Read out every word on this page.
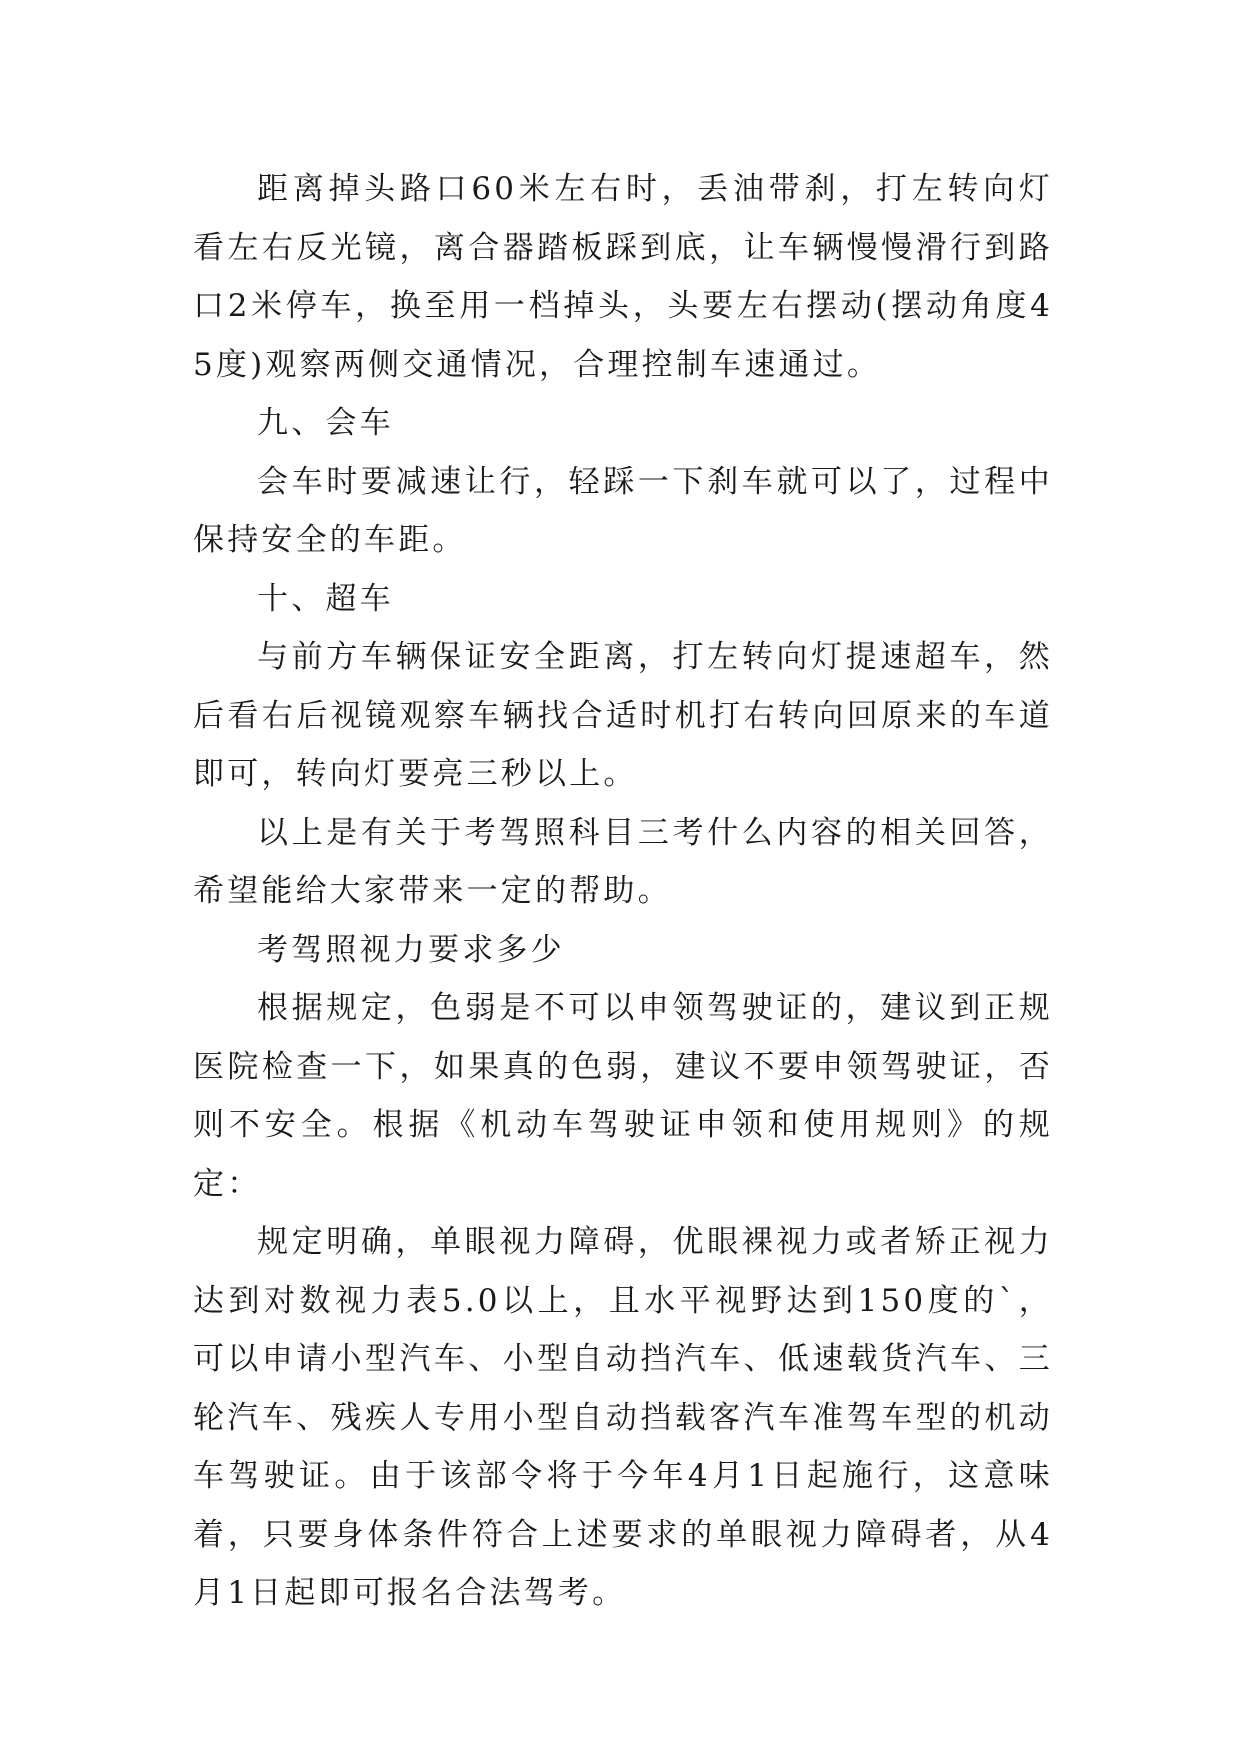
距离掉头路口60米左右时，丢油带刹，打左转向灯看左右反光镜，离合器踏板踩到底，让车辆慢慢滑行到路口2米停车，换至用一档掉头，头要左右摆动(摆动角度45度)观察两侧交通情况，合理控制车速通过。

九、会车

会车时要减速让行，轻踩一下刹车就可以了，过程中保持安全的车距。

十、超车

与前方车辆保证安全距离，打左转向灯提速超车，然后看右后视镜观察车辆找合适时机打右转向回原来的车道即可，转向灯要亮三秒以上。

以上是有关于考驾照科目三考什么内容的相关回答，希望能给大家带来一定的帮助。

考驾照视力要求多少

根据规定，色弱是不可以申领驾驶证的，建议到正规医院检查一下，如果真的色弱，建议不要申领驾驶证，否则不安全。根据《机动车驾驶证申领和使用规则》的规定：

规定明确，单眼视力障碍，优眼裸视力或者矫正视力达到对数视力表5.0以上，且水平视野达到150度的`，可以申请小型汽车、小型自动挡汽车、低速载货汽车、三轮汽车、残疾人专用小型自动挡载客汽车准驾车型的机动车驾驶证。由于该部令将于今年4月1日起施行，这意味着，只要身体条件符合上述要求的单眼视力障碍者，从4月1日起即可报名合法驾考。
